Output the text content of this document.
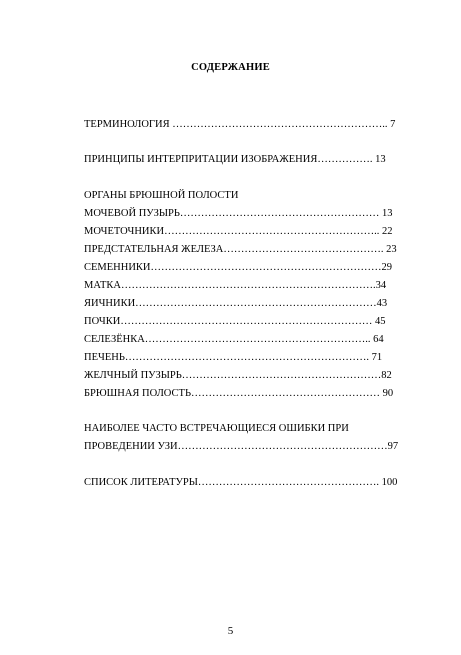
СОДЕРЖАНИЕ
ТЕРМИНОЛОГИЯ …………………………………………………….. 7
ПРИНЦИПЫ ИНТЕРПРИТАЦИИ ИЗОБРАЖЕНИЯ……………. 13
ОРГАНЫ БРЮШНОЙ ПОЛОСТИ
МОЧЕВОЙ ПУЗЫРЬ………………………………………………… 13
МОЧЕТОЧНИКИ…………………………………………………….. 22
ПРЕДСТАТЕЛЬНАЯ ЖЕЛЕЗА………………………………………. 23
СЕМЕННИКИ…………………………………………………………29
МАТКА……………………………………………………………….34
ЯИЧНИКИ……………………………………………………………43
ПОЧКИ……………………………………………………………… 45
СЕЛЕЗЁНКА……………………………………………………….. 64
ПЕЧЕНЬ……………………………………………………………. 71
ЖЕЛЧНЫЙ ПУЗЫРЬ…………………………………………………82
БРЮШНАЯ ПОЛОСТЬ……………………………………………… 90
НАИБОЛЕЕ ЧАСТО ВСТРЕЧАЮЩИЕСЯ ОШИБКИ ПРИ
ПРОВЕДЕНИИ УЗИ……………………………………………………97
СПИСОК ЛИТЕРАТУРЫ……………………………………………. 100
5
